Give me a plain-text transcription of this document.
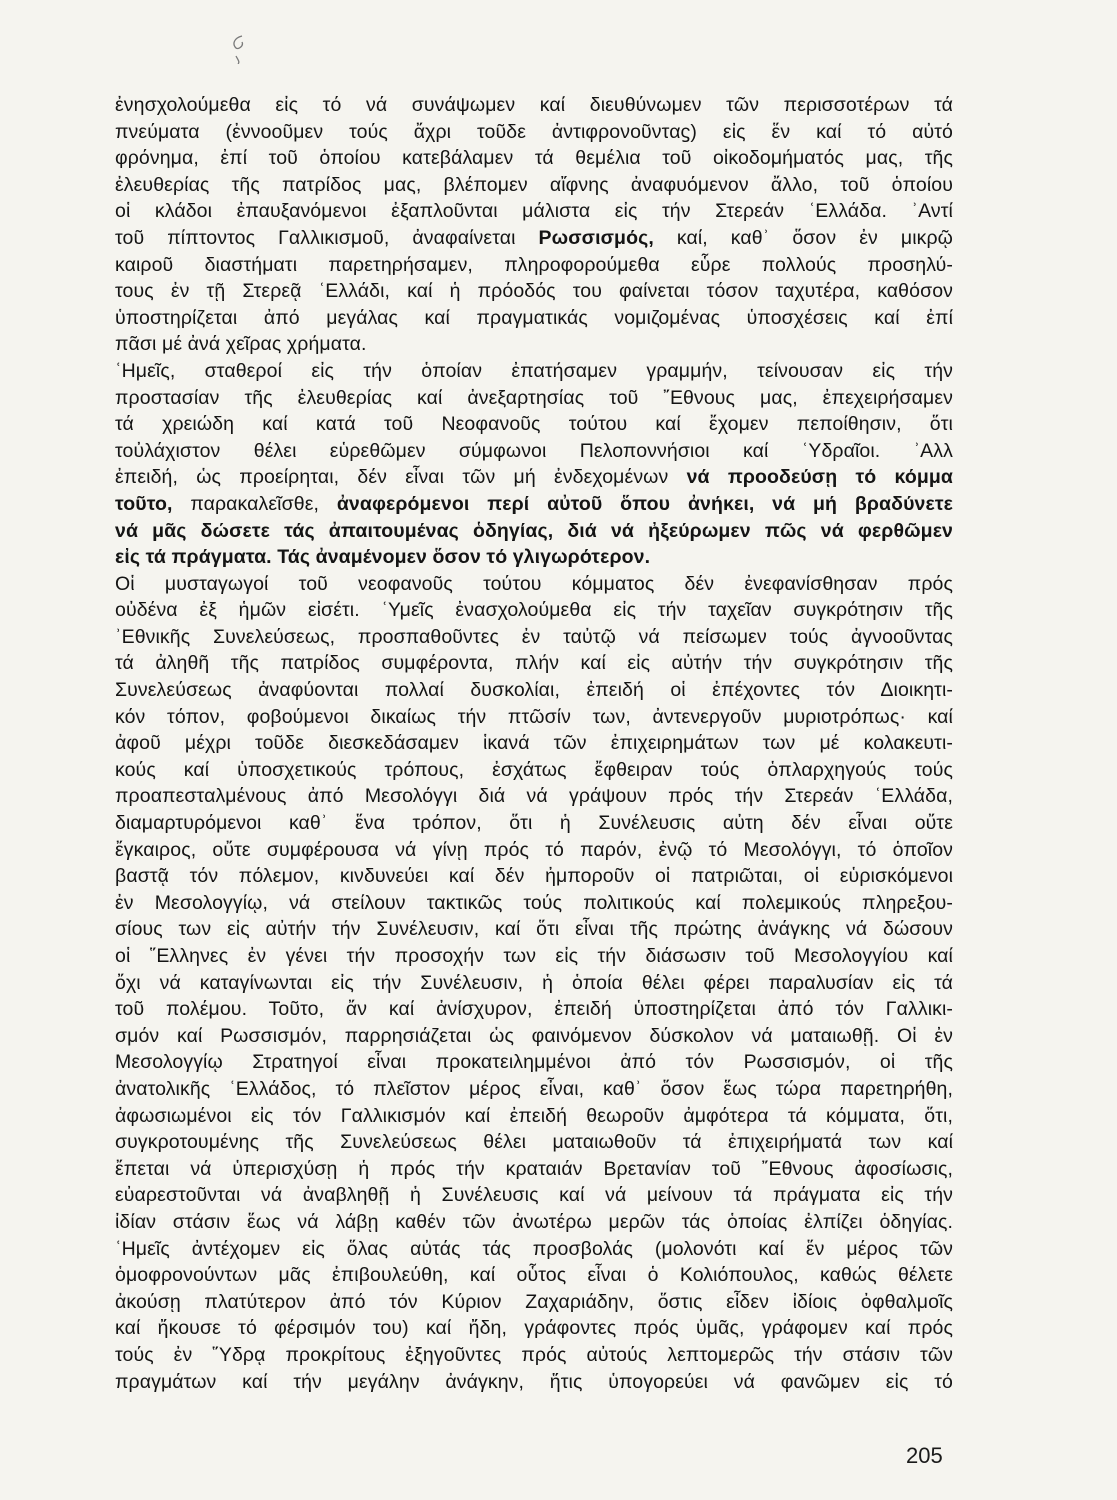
ἐνησχολούμεθα εἰς τό νά συνάψωμεν καί διευθύνωμεν τῶν περισσοτέρων τά
πνεύματα (ἐννοοῦμεν τούς ἄχρι τοῦδε ἀντιφρονοῦνταϛ) εἰς ἕν καί τό αὐτό
φρόνημα, ἐπί τοῦ ὁποίου κατεβάλαμεν τά θεμέλια τοῦ οἰκοδομήματός μας, τῆς
ἐλευθερίας τῆς πατρίδος μας, βλέπομεν αἴφνης ἀναφυόμενον ἄλλο, τοῦ ὁποίου
οἱ κλάδοι ἐπαυξανόμενοι ἐξαπλοῦνται μάλιστα εἰς τήν Στερεάν ʿΕλλάδα. ʾΑντί
τοῦ πίπτοντος Γαλλικισμοῦ, ἀναφαίνεται Ρωσσισμός, καί, καθʾ ὅσον ἐν μικρῷ
καιροῦ διαστήματι παρετηρήσαμεν, πληροφορούμεθα εὗρε πολλούς προσηλύ-
τους ἐν τῇ Στερεᾷ ʿΕλλάδι, καί ἡ πρόοδός του φαίνεται τόσον ταχυτέρα, καθόσον
ὑποστηρίζεται ἀπό μεγάλας καί πραγματικάς νομιζομένας ὑποσχέσεις καί ἐπί
πᾶσι μέ ἀνά χεῖρας χρήματα.
ʿΗμεῖς, σταθεροί εἰς τήν ὁποίαν ἐπατήσαμεν γραμμήν, τείνουσαν εἰς τήν
προστασίαν τῆς ἐλευθερίας καί ἀνεξαρτησίας τοῦ ῎Εθνους μας, ἐπεχειρήσαμεν
τά χρειώδη καί κατά τοῦ Νεοφανοῦς τούτου καί ἔχομεν πεποίθησιν, ὅτι
τοὐλάχιστον θέλει εὑρεθῶμεν σύμφωνοι Πελοποννήσιοι καί ʿΥδραῖοι. ʾΑλλ
ἐπειδή, ὡς προείρηται, δέν εἶναι τῶν μή ἐνδεχομένων νά προοδεύσῃ τό κόμμα
τοῦτο, παρακαλεῖσθε, ἀναφερόμενοι περί αὐτοῦ ὅπου ἀνήκει, νά μή βραδύνετε
νά μᾶς δώσετε τάς ἀπαιτουμένας ὁδηγίας, διά νά ἠξεύρωμεν πῶς νά φερθῶμεν
εἰς τά πράγματα. Τάς ἀναμένομεν ὅσον τό γλιγωρότερον.
Οἱ μυσταγωγοί τοῦ νεοφανοῦς τούτου κόμματος δέν ἐνεφανίσθησαν πρός
οὐδένα ἐξ ἡμῶν εἰσέτι. ʿΥμεῖς ἐνασχολούμεθα εἰς τήν ταχεῖαν συγκρότησιν τῆς
ʾΕθνικῆς Συνελεύσεως, προσπαθοῦντες ἐν ταὐτῷ νά πείσωμεν τούς ἀγνοοῦντας
τά ἀληθῆ τῆς πατρίδος συμφέροντα, πλήν καί εἰς αὐτήν τήν συγκρότησιν τῆς
Συνελεύσεως ἀναφύονται πολλαί δυσκολίαι, ἐπειδή οἱ ἐπέχοντες τόν Διοικητι-
κόν τόπον, φοβούμενοι δικαίως τήν πτῶσίν των, ἀντενεργοῦν μυριοτρόπως· καί
ἀφοῦ μέχρι τοῦδε διεσκεδάσαμεν ἱκανά τῶν ἐπιχειρημάτων των μέ κολακευτι-
κούς καί ὑποσχετικούς τρόπους, ἐσχάτως ἔφθειραν τούς ὁπλαρχηγούς τούς
προαπεσταλμένους ἀπό Μεσολόγγι διά νά γράψουν πρός τήν Στερεάν ʿΕλλάδα,
διαμαρτυρόμενοι καθʾ ἕνα τρόπον, ὅτι ἡ Συνέλευσις αὐτη δέν εἶναι οὔτε
ἔγκαιρος, οὔτε συμφέρουσα νά γίνῃ πρός τό παρόν, ἐνῷ τό Μεσολόγγι, τό ὁποῖον
βαστᾷ τόν πόλεμον, κινδυνεύει καί δέν ἠμποροῦν οἱ πατριῶται, οἱ εὑρισκόμενοι
ἐν Μεσολογγίῳ, νά στείλουν τακτικῶς τούς πολιτικούς καί πολεμικούς πληρεξου-
σίους των εἰς αὐτήν τήν Συνέλευσιν, καί ὅτι εἶναι τῆς πρώτης ἀνάγκης νά δώσουν
οἱ ῞Ελληνες ἐν γένει τήν προσοχήν των εἰς τήν διάσωσιν τοῦ Μεσολογγίου καί
ὄχι νά καταγίνωνται εἰς τήν Συνέλευσιν, ἡ ὁποία θέλει φέρει παραλυσίαν εἰς τά
τοῦ πολέμου. Τοῦτο, ἄν καί ἀνίσχυρον, ἐπειδή ὑποστηρίζεται ἀπό τόν Γαλλικι-
σμόν καί Ρωσσισμόν, παρρησιάζεται ὡς φαινόμενον δύσκολον νά ματαιωθῇ. Οἱ ἐν
Μεσολογγίῳ Στρατηγοί εἶναι προκατειλημμένοι ἀπό τόν Ρωσσισμόν, οἱ τῆς
ἀνατολικῆς ʿΕλλάδος, τό πλεῖστον μέρος εἶναι, καθʾ ὅσον ἕως τώρα παρετηρήθη,
ἀφωσιωμένοι εἰς τόν Γαλλικισμόν καί ἐπειδή θεωροῦν ἀμφότερα τά κόμματα, ὅτι,
συγκροτουμένης τῆς Συνελεύσεως θέλει ματαιωθοῦν τά ἐπιχειρήματά των καί
ἔπεται νά ὑπερισχύσῃ ἡ πρός τήν κραταιάν Βρετανίαν τοῦ ῎Εθνους ἀφοσίωσις,
εὐαρεστοῦνται νά ἀναβληθῇ ἡ Συνέλευσις καί νά μείνουν τά πράγματα εἰς τήν
ἰδίαν στάσιν ἕως νά λάβῃ καθέν τῶν ἀνωτέρω μερῶν τάς ὁποίας ἐλπίζει ὁδηγίας.
ʿΗμεῖς ἀντέχομεν εἰς ὅλας αὐτάς τάς προσβολάς (μολονότι καί ἕν μέρος τῶν
ὁμοφρονούντων μᾶς ἐπιβουλεύθη, καί οὗτος εἶναι ὁ Κολιόπουλος, καθώς θέλετε
ἀκούσῃ πλατύτερον ἀπό τόν Κύριον Ζαχαριάδην, ὅστις εἶδεν ἰδίοις ὀφθαλμοῖς
καί ἤκουσε τό φέρσιμόν του) καί ἤδη, γράφοντες πρός ὑμᾶς, γράφομεν καί πρός
τούς ἐν ῞Υδρᾳ προκρίτους ἐξηγοῦντες πρός αὐτούς λεπτομερῶς τήν στάσιν τῶν
πραγμάτων καί τήν μεγάλην ἀνάγκην, ἥτις ὑπογορεύει νά φανῶμεν εἰς τό
205
